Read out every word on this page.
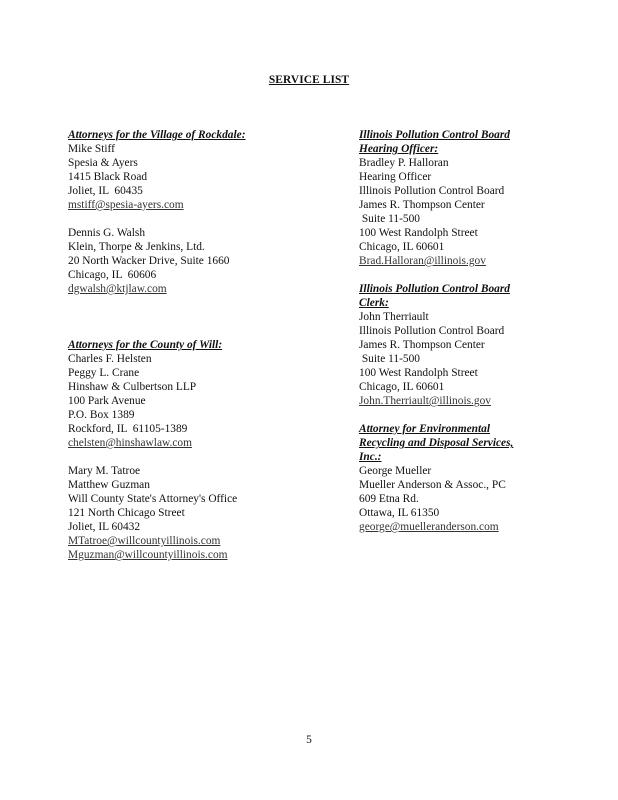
SERVICE LIST

Attorneys for the Village of Rockdale:

Mike Stiff

Spesia & Ayers

1415 Black Road

Joliet, IL  60435

mstiff@spesia-ayers.com

Dennis G. Walsh

Klein, Thorpe & Jenkins, Ltd.

20 North Wacker Drive, Suite 1660

Chicago, IL  60606

dgwalsh@ktjlaw.com

Attorneys for the County of Will:

Charles F. Helsten

Peggy L. Crane

Hinshaw & Culbertson LLP

100 Park Avenue

P.O. Box 1389

Rockford, IL  61105-1389

chelsten@hinshawlaw.com

Mary M. Tatroe

Matthew Guzman

Will County State's Attorney's Office

121 North Chicago Street

Joliet, IL 60432

MTatroe@willcountyillinois.com

Mguzman@willcountyillinois.com

Illinois Pollution Control Board

Hearing Officer:

Bradley P. Halloran

Hearing Officer

Illinois Pollution Control Board

James R. Thompson Center

Suite 11-500

100 West Randolph Street

Chicago, IL 60601

Brad.Halloran@illinois.gov

Illinois Pollution Control Board

Clerk:

John Therriault

Illinois Pollution Control Board

James R. Thompson Center

Suite 11-500

100 West Randolph Street

Chicago, IL 60601

John.Therriault@illinois.gov

Attorney for Environmental

Recycling and Disposal Services,

Inc.:

George Mueller

Mueller Anderson & Assoc., PC

609 Etna Rd.

Ottawa, IL 61350

george@muelleranderson.com

5
